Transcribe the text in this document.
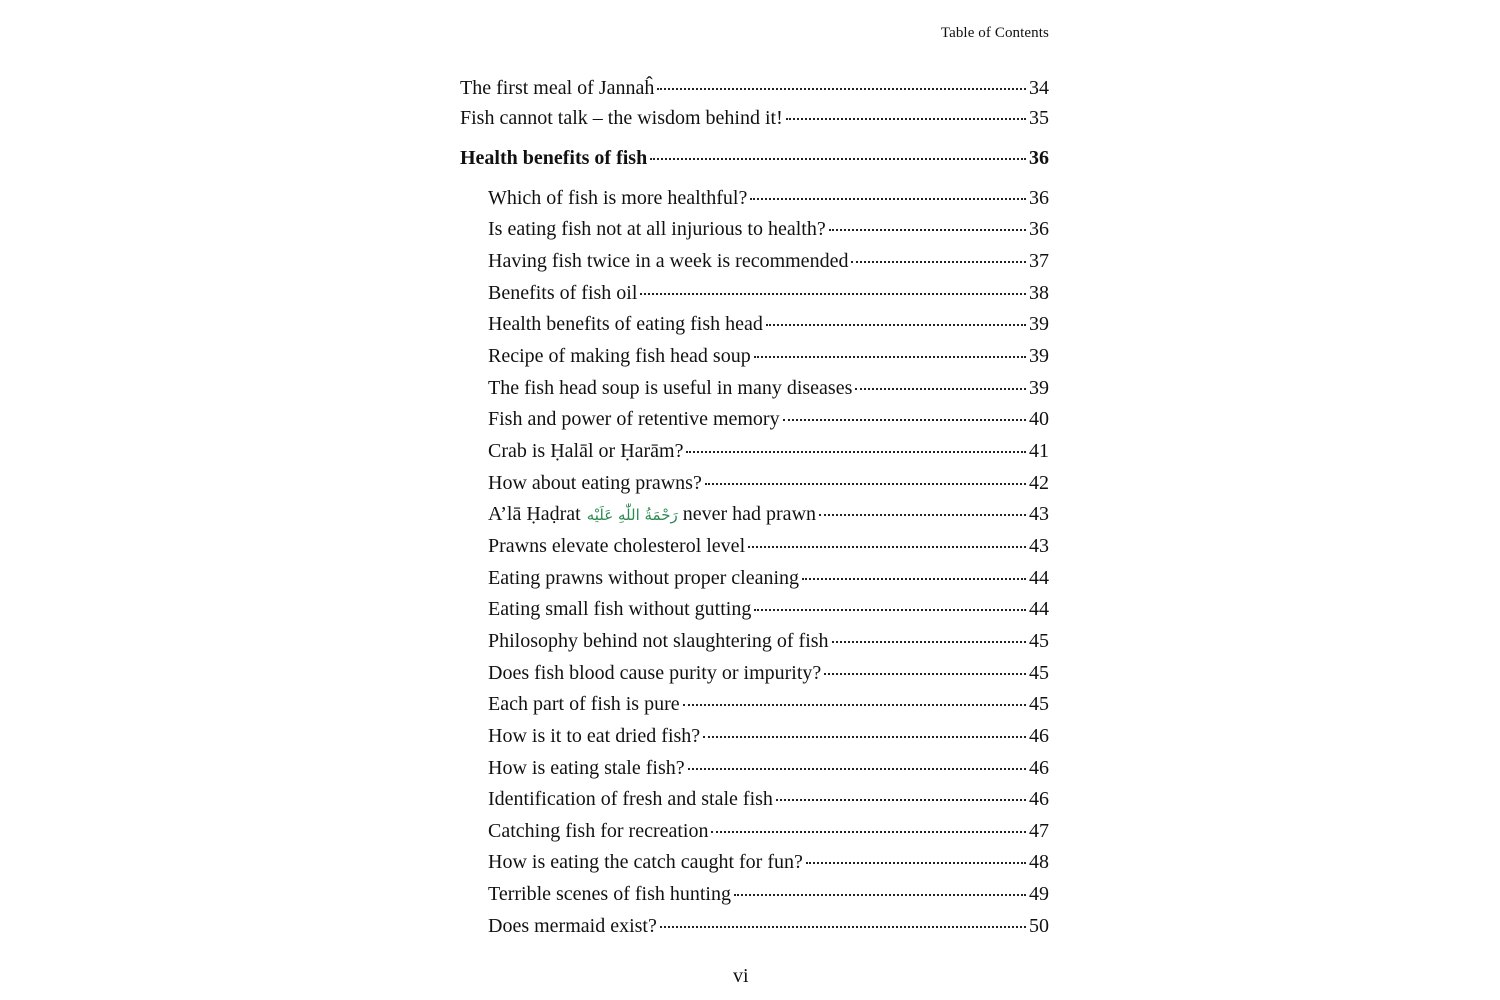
Table of Contents
The first meal of Jannaĥ	34
Fish cannot talk – the wisdom behind it!	35
Health benefits of fish	36
Which of fish is more healthful?	36
Is eating fish not at all injurious to health?	36
Having fish twice in a week is recommended	37
Benefits of fish oil	38
Health benefits of eating fish head	39
Recipe of making fish head soup	39
The fish head soup is useful in many diseases	39
Fish and power of retentive memory	40
Crab is Ḥalāl or Ḥarām?	41
How about eating prawns?	42
A’lā Ḥaḍrat رَحْمَةُ اللّٰهِ عَلَيْه never had prawn	43
Prawns elevate cholesterol level	43
Eating prawns without proper cleaning	44
Eating small fish without gutting	44
Philosophy behind not slaughtering of fish	45
Does fish blood cause purity or impurity?	45
Each part of fish is pure	45
How is it to eat dried fish?	46
How is eating stale fish?	46
Identification of fresh and stale fish	46
Catching fish for recreation	47
How is eating the catch caught for fun?	48
Terrible scenes of fish hunting	49
Does mermaid exist?	50
vi
